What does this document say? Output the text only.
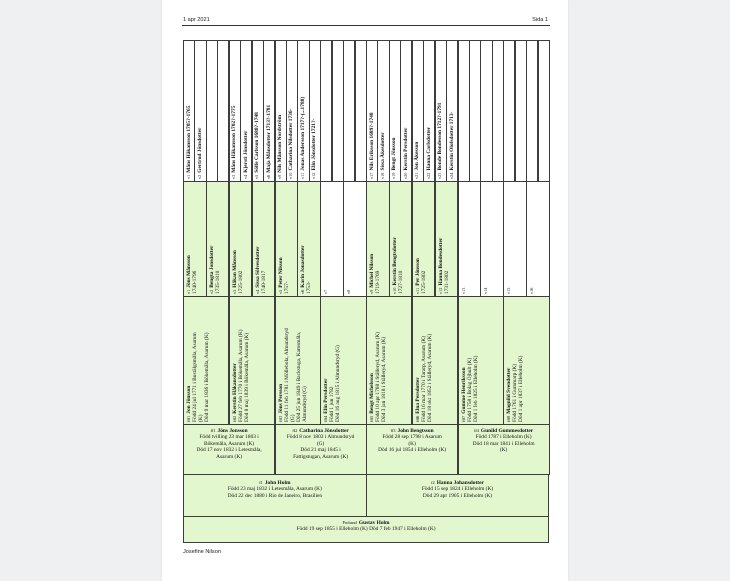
1 apr 2021	Sida 1
Proband Gustav Holm
Född 19 sep 1855 i Elleholm (K) Död 7 feb 1947 i Elleholm (K)
f1 John Holm
Född 23 maj 1832 i Letesmåla, Asarum (K)
Död 22 dec 1880 i Rio de Janeiro, Brasilien
f2 Hanna Johansdotter
Född 15 sep 1824 i Elleholm (K)
Död 29 apr 1905 i Elleholm (K)
ff1 Jöns Jonsson
Född tvilling 23 mar 1803 i
Bökemåla, Asarum (K)
Död 17 nov 1832 i Letesmåla,
Asarum (K)
ff2 Catharina Jönsdotter
Född 8 nov 1803 i Almundsryd
(G)
Död 21 maj 1845 i
Fattigstugan, Asarum (K)
ff3 John Bengtsson
Född 28 sep 1798 i Asarum
(K)
Död 16 jul 1854 i Elleholm (K)
ff4 Gunild Gummesdotter
Född 1787 i Elleholm (K)
Död 18 mar 1841 i Elleholm
(K)
fff1Jon Jönsson Född 24 jul 1771 i Bustälgsmåla, Asarum (K) Död 9 mar 1836 i Bökemåla, Asarum (K)	fff2Kerstin Håkansdotter Född 27 feb 1770 i Bökemåla, Asarum (K) Död 8 maj 1839 i Bökemåla, Asarum (K)	fff3Jöns Persson Född 11 feb 1781 i Möllebola, Almundsryd (G) Död 25 jun 1849 i Backstuga, Kamsmåla, Almundsryd (G)	fff4Elin Persdotter Född 1 jun 1782 Död 16 aug 1815 i Almundsryd (G)	fff5Bengt Michelsson Född 10 apr 1768 i Ställeryd, Asarum (K) Död 3 jan 1818 i Ställeryd, Asarum (K)	fff6Elna Persdotter Född 16 mar 1770 i Tararp, Asarum (K) Död 18 okt 1852 i Ställeryd, Asarum (K)	fff7Gumme Henriksson Född 1758 i Bolag Öjhult (K) Död 1 feb 1825 i Elleholm (K)	fff8Magnild Svendotter Född 1761 i Gummarp (K) Död 1 apr 1837 i Elleholm (K)
v1Jöns Månsson 1740-1796	v2Bengta Jonsdotter 1735-1810	v3Håkan Månsson 1725-1802	v4Sissa Sölvesdotter 1740-1817	v5Peter Nilsson
1757-	v6Karin Jonasdotter
1753-	v7	v8	v9Michel Nilsson 1719-1769	v10Kerstin Bengtsdotter 1727-1810	v11Per Jönsson 1725-1802	v12Hanna Bondesdotter 1731-1802	v13	v14	v15	v16
v1Måns Håkansson 1705?-1765
v2Gertrud Jönsdotter
v3Måns Håkansson 1702?-1775
v4Kjersti Jönsdotter
v5Sölfe Carlsson 1688?-1748
v6Maja Månsdotter 1713?-1781
v9Nils Månsson Nordström
v10Catharina Nilsdotter 1736-
v11Jonas Andersson 1717?-(...1788)
v12Elin Jönsdotter 1721?-
v17Nils Eriksson 1689?-1748
v18Sissa Åkesdotter
v19Bengt Jönsson
v20Kerstin Persdotter
v21Jon Åkesson
v22Hanna Carlsdotter
v23Bonde Bondesson 1712?-1791
v24Kerstin Olofsdotter 1713-
Josefine Nilson
